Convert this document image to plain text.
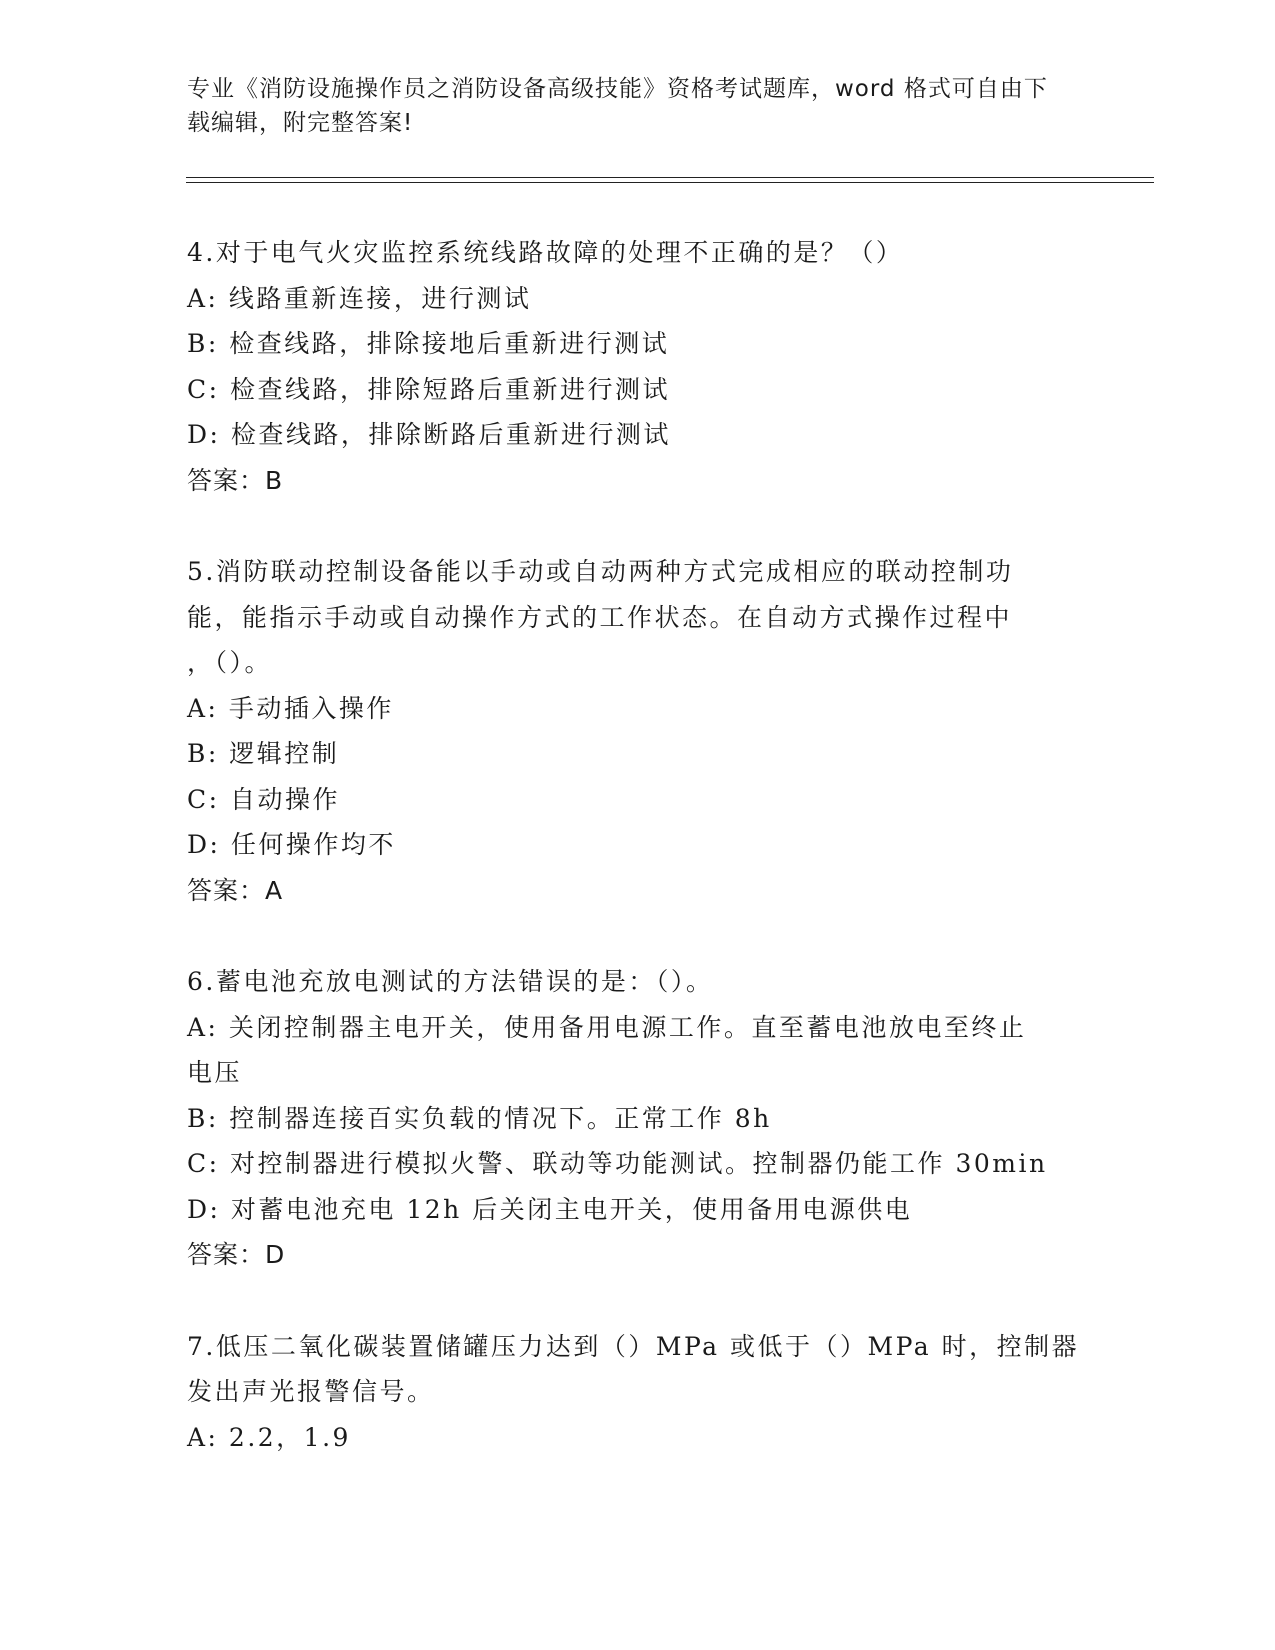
专业《消防设施操作员之消防设备高级技能》资格考试题库，word 格式可自由下
载编辑，附完整答案!
4.对于电气火灾监控系统线路故障的处理不正确的是？（）
A: 线路重新连接，进行测试
B: 检查线路，排除接地后重新进行测试
C: 检查线路，排除短路后重新进行测试
D: 检查线路，排除断路后重新进行测试
答案：B
5.消防联动控制设备能以手动或自动两种方式完成相应的联动控制功
能，能指示手动或自动操作方式的工作状态。在自动方式操作过程中
，（）。
A: 手动插入操作
B: 逻辑控制
C: 自动操作
D: 任何操作均不
答案：A
6.蓄电池充放电测试的方法错误的是：（）。
A: 关闭控制器主电开关，使用备用电源工作。直至蓄电池放电至终止
电压
B: 控制器连接百实负载的情况下。正常工作 8h
C: 对控制器进行模拟火警、联动等功能测试。控制器仍能工作 30min
D: 对蓄电池充电 12h 后关闭主电开关，使用备用电源供电
答案：D
7.低压二氧化碳装置储罐压力达到（）MPa 或低于（）MPa 时，控制器
发出声光报警信号。
A: 2.2，1.9
